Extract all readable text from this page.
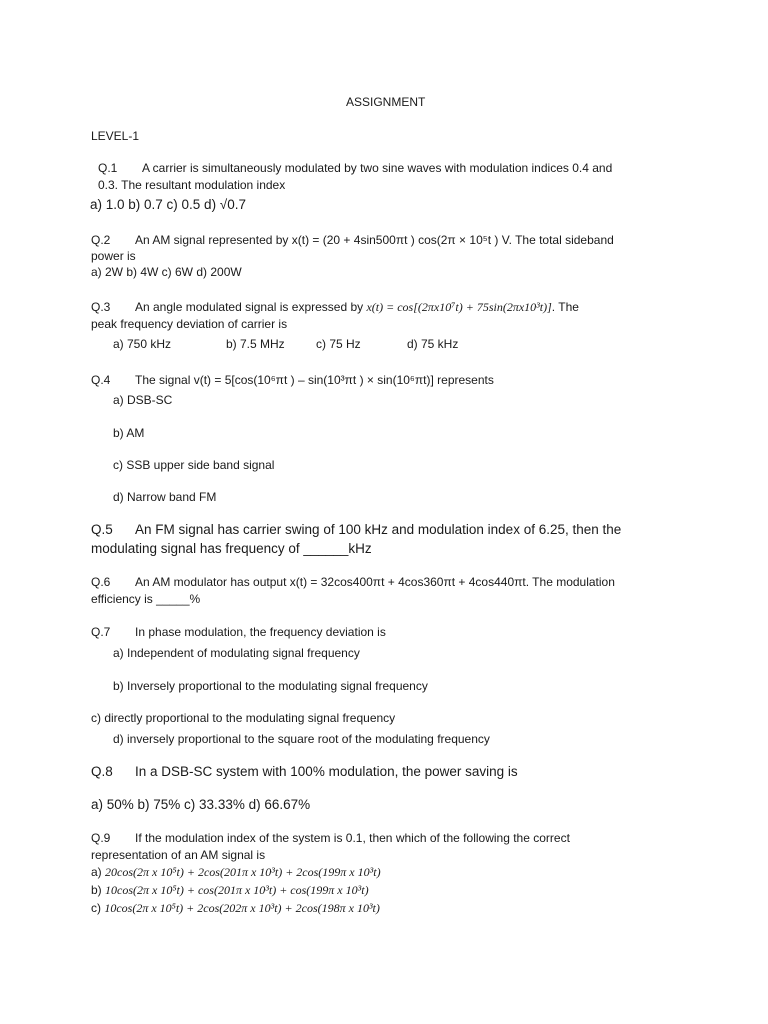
ASSIGNMENT
LEVEL-1
Q.1 A carrier is simultaneously modulated by two sine waves with modulation indices 0.4 and
0.3. The resultant modulation index
a) 1.0 b) 0.7 c) 0.5 d) √0.7
Q.2 An AM signal represented by x(t) = (20 + 4sin500πt ) cos(2π × 10⁵t ) V. The total sideband
power is
a) 2W b) 4W c) 6W d) 200W
Q.3 An angle modulated signal is expressed by x(t) = cos[(2πx10⁷t) + 75sin(2πx10³t)]. The
peak frequency deviation of carrier is
a) 750 kHz	b) 7.5 MHz	c) 75 Hz	d) 75 kHz
Q.4 The signal v(t) = 5[cos(10⁶πt ) – sin(10³πt ) × sin(10⁶πt)] represents
a) DSB-SC
b) AM
c) SSB upper side band signal
d) Narrow band FM
Q.5 An FM signal has carrier swing of 100 kHz and modulation index of 6.25, then the
modulating signal has frequency of ______kHz
Q.6 An AM modulator has output x(t) = 32cos400πt + 4cos360πt + 4cos440πt. The modulation
efficiency is _____%
Q.7 In phase modulation, the frequency deviation is
a) Independent of modulating signal frequency
b) Inversely proportional to the modulating signal frequency
c) directly proportional to the modulating signal frequency
d) inversely proportional to the square root of the modulating frequency
Q.8 In a DSB-SC system with 100% modulation, the power saving is
a) 50% b) 75% c) 33.33% d) 66.67%
Q.9 If the modulation index of the system is 0.1, then which of the following the correct
representation of an AM signal is
a) 20cos(2π x 10⁵t) + 2cos(201π x 10³t) + 2cos(199π x 10³t)
b) 10cos(2π x 10⁵t) + cos(201π x 10³t) + cos(199π x 10³t)
c) 10cos(2π x 10⁵t) + 2cos(202π x 10³t) + 2cos(198π x 10³t)
